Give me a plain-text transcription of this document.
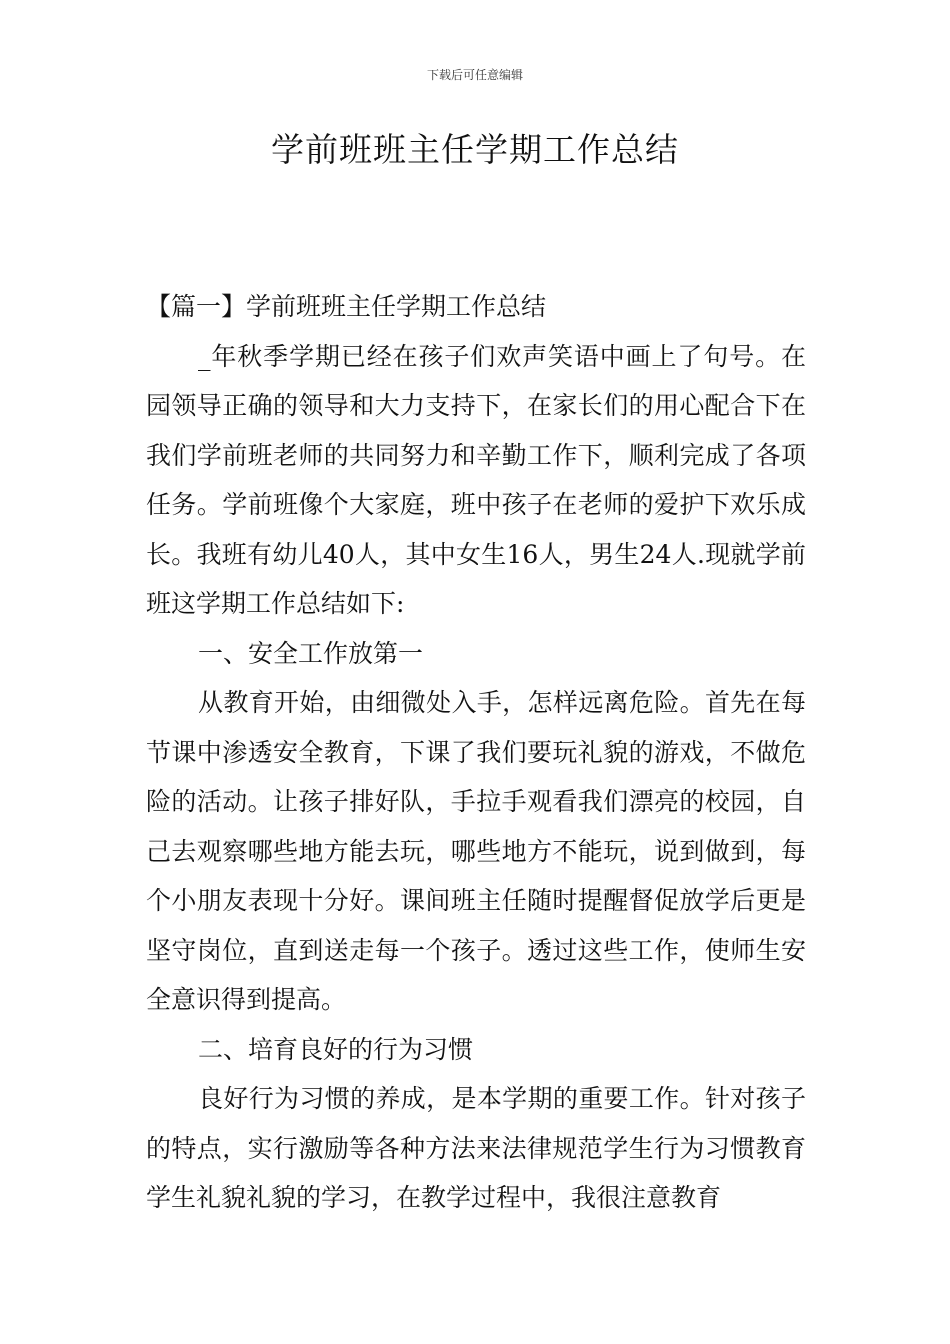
下载后可任意编辑
学前班班主任学期工作总结

【篇一】学前班班主任学期工作总结

_年秋季学期已经在孩子们欢声笑语中画上了句号。在园领导正确的领导和大力支持下，在家长们的用心配合下在我们学前班老师的共同努力和辛勤工作下，顺利完成了各项任务。学前班像个大家庭，班中孩子在老师的爱护下欢乐成长。我班有幼儿40人，其中女生16人，男生24人.现就学前班这学期工作总结如下:

一、安全工作放第一

从教育开始，由细微处入手，怎样远离危险。首先在每节课中渗透安全教育，下课了我们要玩礼貌的游戏，不做危险的活动。让孩子排好队，手拉手观看我们漂亮的校园，自己去观察哪些地方能去玩，哪些地方不能玩，说到做到，每个小朋友表现十分好。课间班主任随时提醒督促放学后更是坚守岗位，直到送走每一个孩子。透过这些工作，使师生安全意识得到提高。

二、培育良好的行为习惯

良好行为习惯的养成，是本学期的重要工作。针对孩子的特点，实行激励等各种方法来法律规范学生行为习惯教育学生礼貌礼貌的学习，在教学过程中，我很注意教育
